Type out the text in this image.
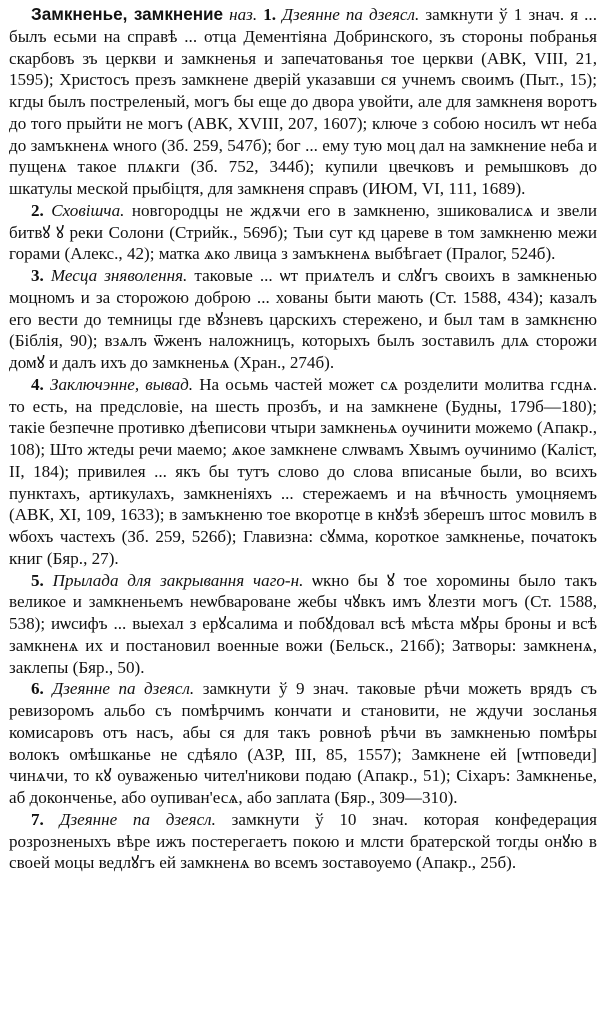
Замкненье, замкнение наз. 1. Дзеянне па дзеясл. замкнути ў 1 знач. я ... былъ есьми на справѣ ... отца Дементіяна Добринского, зъ стороны побранья скарбовъ зъ церкви и замкненья и запечатованья тое церкви (АВК, VIII, 21, 1595); Христосъ презъ замкнене дверій указавши ся учнемъ своимъ (Пыт., 15); кгды былъ постреленый, могъ бы еще до двора увойти, але для замкненя воротъ до того прыйти не могъ (АВК, XVIII, 207, 1607); ключе з собою носилъ ѡт неба до замъкненѧ ѡного (Зб. 259, 547б); бог ... ему тую моц дал на замкнение неба и пущенѧ такое плѧкги (Зб. 752, 344б); купили цвечковъ и ремышковъ до шкатулы меской прыбіцтя, для замкненя справъ (ИЮМ, VI, 111, 1689).

2. Сховішча. новгородцы не ждѫчи его в замкненю, зшиковалисѧ и звели битвꙋ ꙋ реки Солони (Стрийк., 569б); Тыи сут кд цареве в том замкненю межи горами (Алекс., 42); матка ѧко лвица з замъкненѧ выбѣгает (Пралог, 524б).

3. Месца зняволення. таковые ... ѡт приѧтелъ и слꙋгъ своихъ в замкненью моцномъ и за сторожою доброю ... хованы быти мають (Ст. 1588, 434); казалъ его вести до темницы где вꙋзневъ царскихъ стережено, и был там в замкнєню (Біблія, 90); взѧлъ ѿженъ наложницъ, которыхъ былъ зоставилъ длѧ сторожи домꙋ и далъ ихъ до замкненьѧ (Хран., 274б).

4. Заключэнне, вывад. На осьмь частей может сѧ розделити молитва гсднѧ. то есть, на предсловіе, на шесть прозбъ, и на замкнене (Будны, 179б—180); такіе безпечне противко дѣеписови чтыри замкненьѧ оучинити можемо (Апакр., 108); Што жтеды речи маемо; ѧкое замкнене слѡвамъ Хвымъ оучинимо (Каліст, II, 184); привилея ... якъ бы тутъ слово до слова вписаные были, во всихъ пунктахъ, артикулахъ, замкненіяхъ ... стережаемъ и на вѣчность умоцняемъ (АВК, XI, 109, 1633); в замъкненю тое вкоротце в кнꙋзѣ зберешъ штос мовилъ в ѡбохъ частехъ (Зб. 259, 526б); Главизна: сꙋмма, короткое замкненье, початокъ книг (Бяр., 27).

5. Прылада для закрывання чаго-н. ѡкно бы ꙋ тое хоромины было такъ великое и замкненьемъ неѡбвароване жебы чꙋвкъ имъ ꙋлезти могъ (Ст. 1588, 538); иѡсифъ ... выехал з ерꙋсалима и побꙋдовал всѣ мѣста мꙋры броны и всѣ замкненѧ их и постановил военные вожи (Бельск., 216б); Затворы: замкненѧ, заклепы (Бяр., 50).

6. Дзеянне па дзеясл. замкнути ў 9 знач. таковые рѣчи можеть врядъ съ ревизоромъ альбо съ помѣрчимъ кончати и становити, не ждучи зосланья комисаровъ отъ насъ, абы ся для такъ ровноѣ рѣчи въ замкненью помѣры волокъ омѣшканье не сдѣяло (АЗР, III, 85, 1557); Замкнене ей [ѡтповеди] чинѧчи, то кꙋ оуваженью чител'никови подаю (Апакр., 51); Сіхаръ: Замкненье, аб доконченье, або оупиван'есѧ, або заплата (Бяр., 309—310).

7. Дзеянне па дзеясл. замкнути ў 10 знач. которая конфедерация розрозненыхъ вѣре ижъ постерегаетъ покою и млсти братерской тогды онꙋю в своей моцы ведлꙋгъ ей замкненѧ во всемъ зоставоуемо (Апакр., 25б).
